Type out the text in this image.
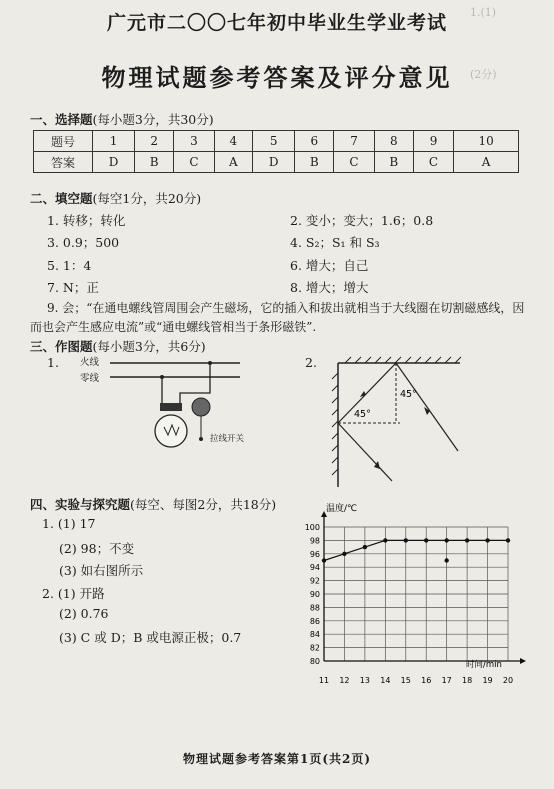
广元市二〇〇七年初中毕业生学业考试
物理试题参考答案及评分意见
1.(1)
(2分)
一、选择题(每小题3分，共30分)
题号	1	2	3	4	5	6	7	8	9	10
答案	D	B	C	A	D	B	C	B	C	A
二、填空题(每空1分，共20分)
1. 转移；转化	2. 变小；变大；1.6；0.8
3. 0.9；500	4. S₂；S₁ 和 S₃
5. 1：4	6. 增大；自己
7. N；正	8. 增大；增大
9. 会；“在通电螺线管周围会产生磁场，它的插入和拔出就相当于大线圈在切割磁感线，因
而也会产生感应电流”或“通电螺线管相当于条形磁铁”.
三、作图题(每小题3分，共6分)
1. 火线
零线
拉线开关
2.
45°
45°
四、实验与探究题(每空、每图2分，共18分)
1. (1) 17
(2) 98；不变
(3) 如右图所示
2. (1) 开路
(2) 0.76
(3) C 或 D；B 或电源正极；0.7
温度/℃
时间/min
11 12 13 14 15 16 17 18 19 20
80
82
84
86
88
90
92
94
96
98
100
物理试题参考答案第1页(共2页)
